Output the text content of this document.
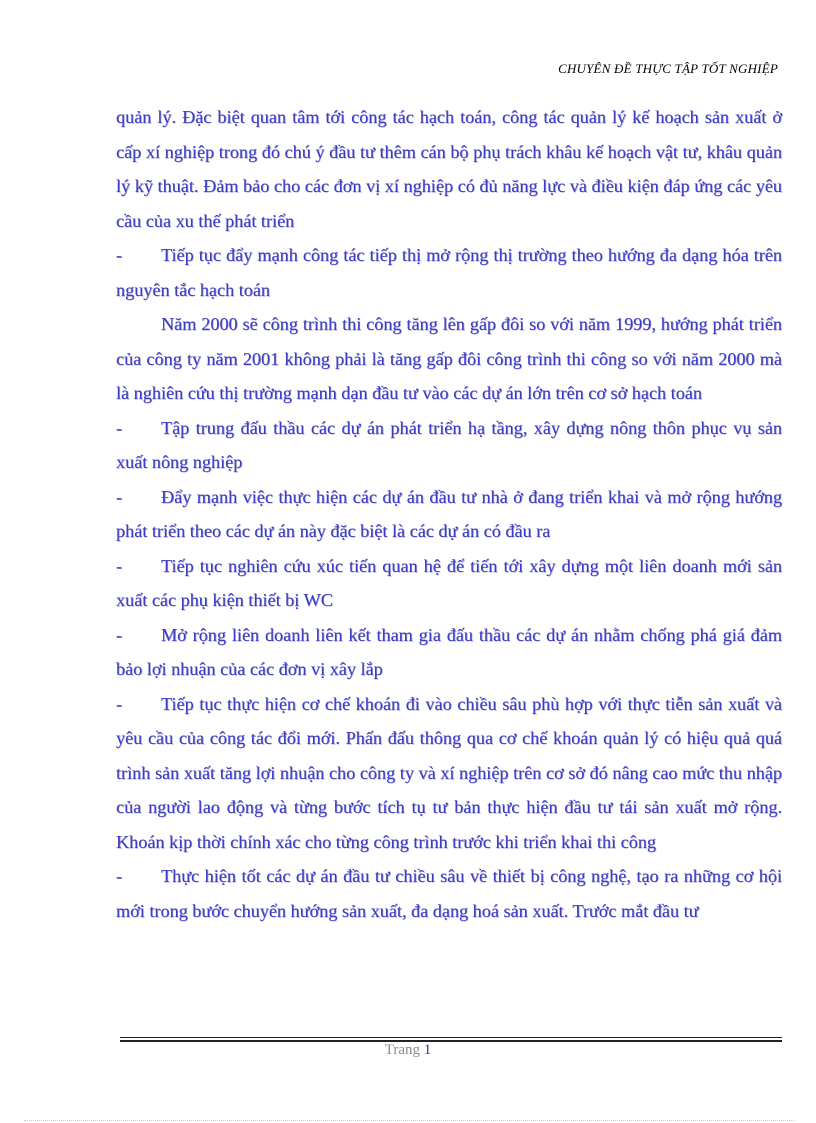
CHUYÊN ĐỀ THỰC TẬP TỐT NGHIỆP

quản lý. Đặc biệt quan tâm tới công tác hạch toán, công tác quản lý kế hoạch sản xuất ở cấp xí nghiệp trong đó chú ý đầu tư thêm cán bộ phụ trách khâu kế hoạch vật tư, khâu quản lý kỹ thuật. Đảm bảo cho các đơn vị xí nghiệp có đủ năng lực và điều kiện đáp ứng các yêu cầu của xu thế phát triển

- Tiếp tục đẩy mạnh công tác tiếp thị mở rộng thị trường theo hướng đa dạng hóa trên nguyên tắc hạch toán

Năm 2000 sẽ công trình thi công tăng lên gấp đôi so với năm 1999, hướng phát triển của công ty năm 2001 không phải là tăng gấp đôi công trình thi công so với năm 2000 mà là nghiên cứu thị trường mạnh dạn đầu tư vào các dự án lớn trên cơ sở hạch toán

- Tập trung đấu thầu các dự án phát triển hạ tầng, xây dựng nông thôn phục vụ sản xuất nông nghiệp

- Đẩy mạnh việc thực hiện các dự án đầu tư nhà ở đang triển khai và mở rộng hướng phát triển theo các dự án này đặc biệt là các dự án có đầu ra

- Tiếp tục nghiên cứu xúc tiến quan hệ để tiến tới xây dựng một liên doanh mới sản xuất các phụ kiện thiết bị WC

- Mở rộng liên doanh liên kết tham gia đấu thầu các dự án nhằm chống phá giá đảm bảo lợi nhuận của các đơn vị xây lắp

- Tiếp tục thực hiện cơ chế khoán đi vào chiều sâu phù hợp với thực tiễn sản xuất và yêu cầu của công tác đổi mới. Phấn đấu thông qua cơ chế khoán quản lý có hiệu quả quá trình sản xuất tăng lợi nhuận cho công ty và xí nghiệp trên cơ sở đó nâng cao mức thu nhập của người lao động và từng bước tích tụ tư bản thực hiện đầu tư tái sản xuất mở rộng. Khoán kịp thời chính xác cho từng công trình trước khi triển khai thi công

- Thực hiện tốt các dự án đầu tư chiều sâu về thiết bị công nghệ, tạo ra những cơ hội mới trong bước chuyển hướng sản xuất, đa dạng hoá sản xuất. Trước mắt đầu tư

Trang 1
